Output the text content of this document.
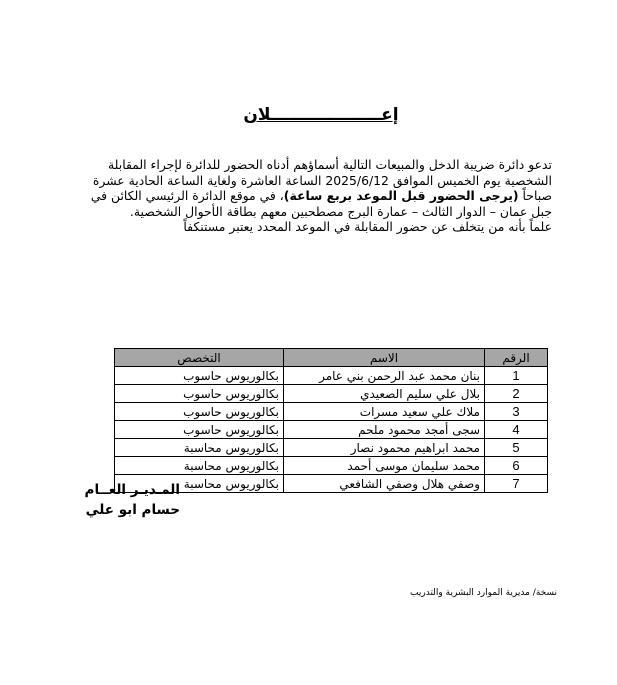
إعـــــــــــــــــــلان

تدعو دائرة ضريبة الدخل والمبيعات التالية أسماؤهم أدناه الحضور للدائرة لإجراء المقابلة الشخصية يوم الخميس الموافق 2025/6/12 الساعة العاشرة ولغاية الساعة الحادية عشرة صباحاً (يرجى الحضور قبل الموعد بربع ساعة)، في موقع الدائرة الرئيسي الكائن في جبل عمان – الدوار الثالث – عمارة البرج مصطحبين معهم بطاقة الأحوال الشخصية.
علماً بأنه من يتخلف عن حضور المقابلة في الموعد المحدد يعتبر مستنكفاً

الرقم	الاسم	التخصص
1	بنان محمد عبد الرحمن بني عامر	بكالوريوس حاسوب
2	بلال علي سليم الصعيدي	بكالوريوس حاسوب
3	ملاك علي سعيد مسرات	بكالوريوس حاسوب
4	سجى أمجد محمود ملحم	بكالوريوس حاسوب
5	محمد ابراهيم محمود نصار	بكالوريوس محاسبة
6	محمد سليمان موسى أحمد	بكالوريوس محاسبة
7	وصفي هلال وصفي الشافعي	بكالوريوس محاسبة
المـديـر العــام
حسام ابو علي
نسخة/ مديرية الموارد البشرية والتدريب
